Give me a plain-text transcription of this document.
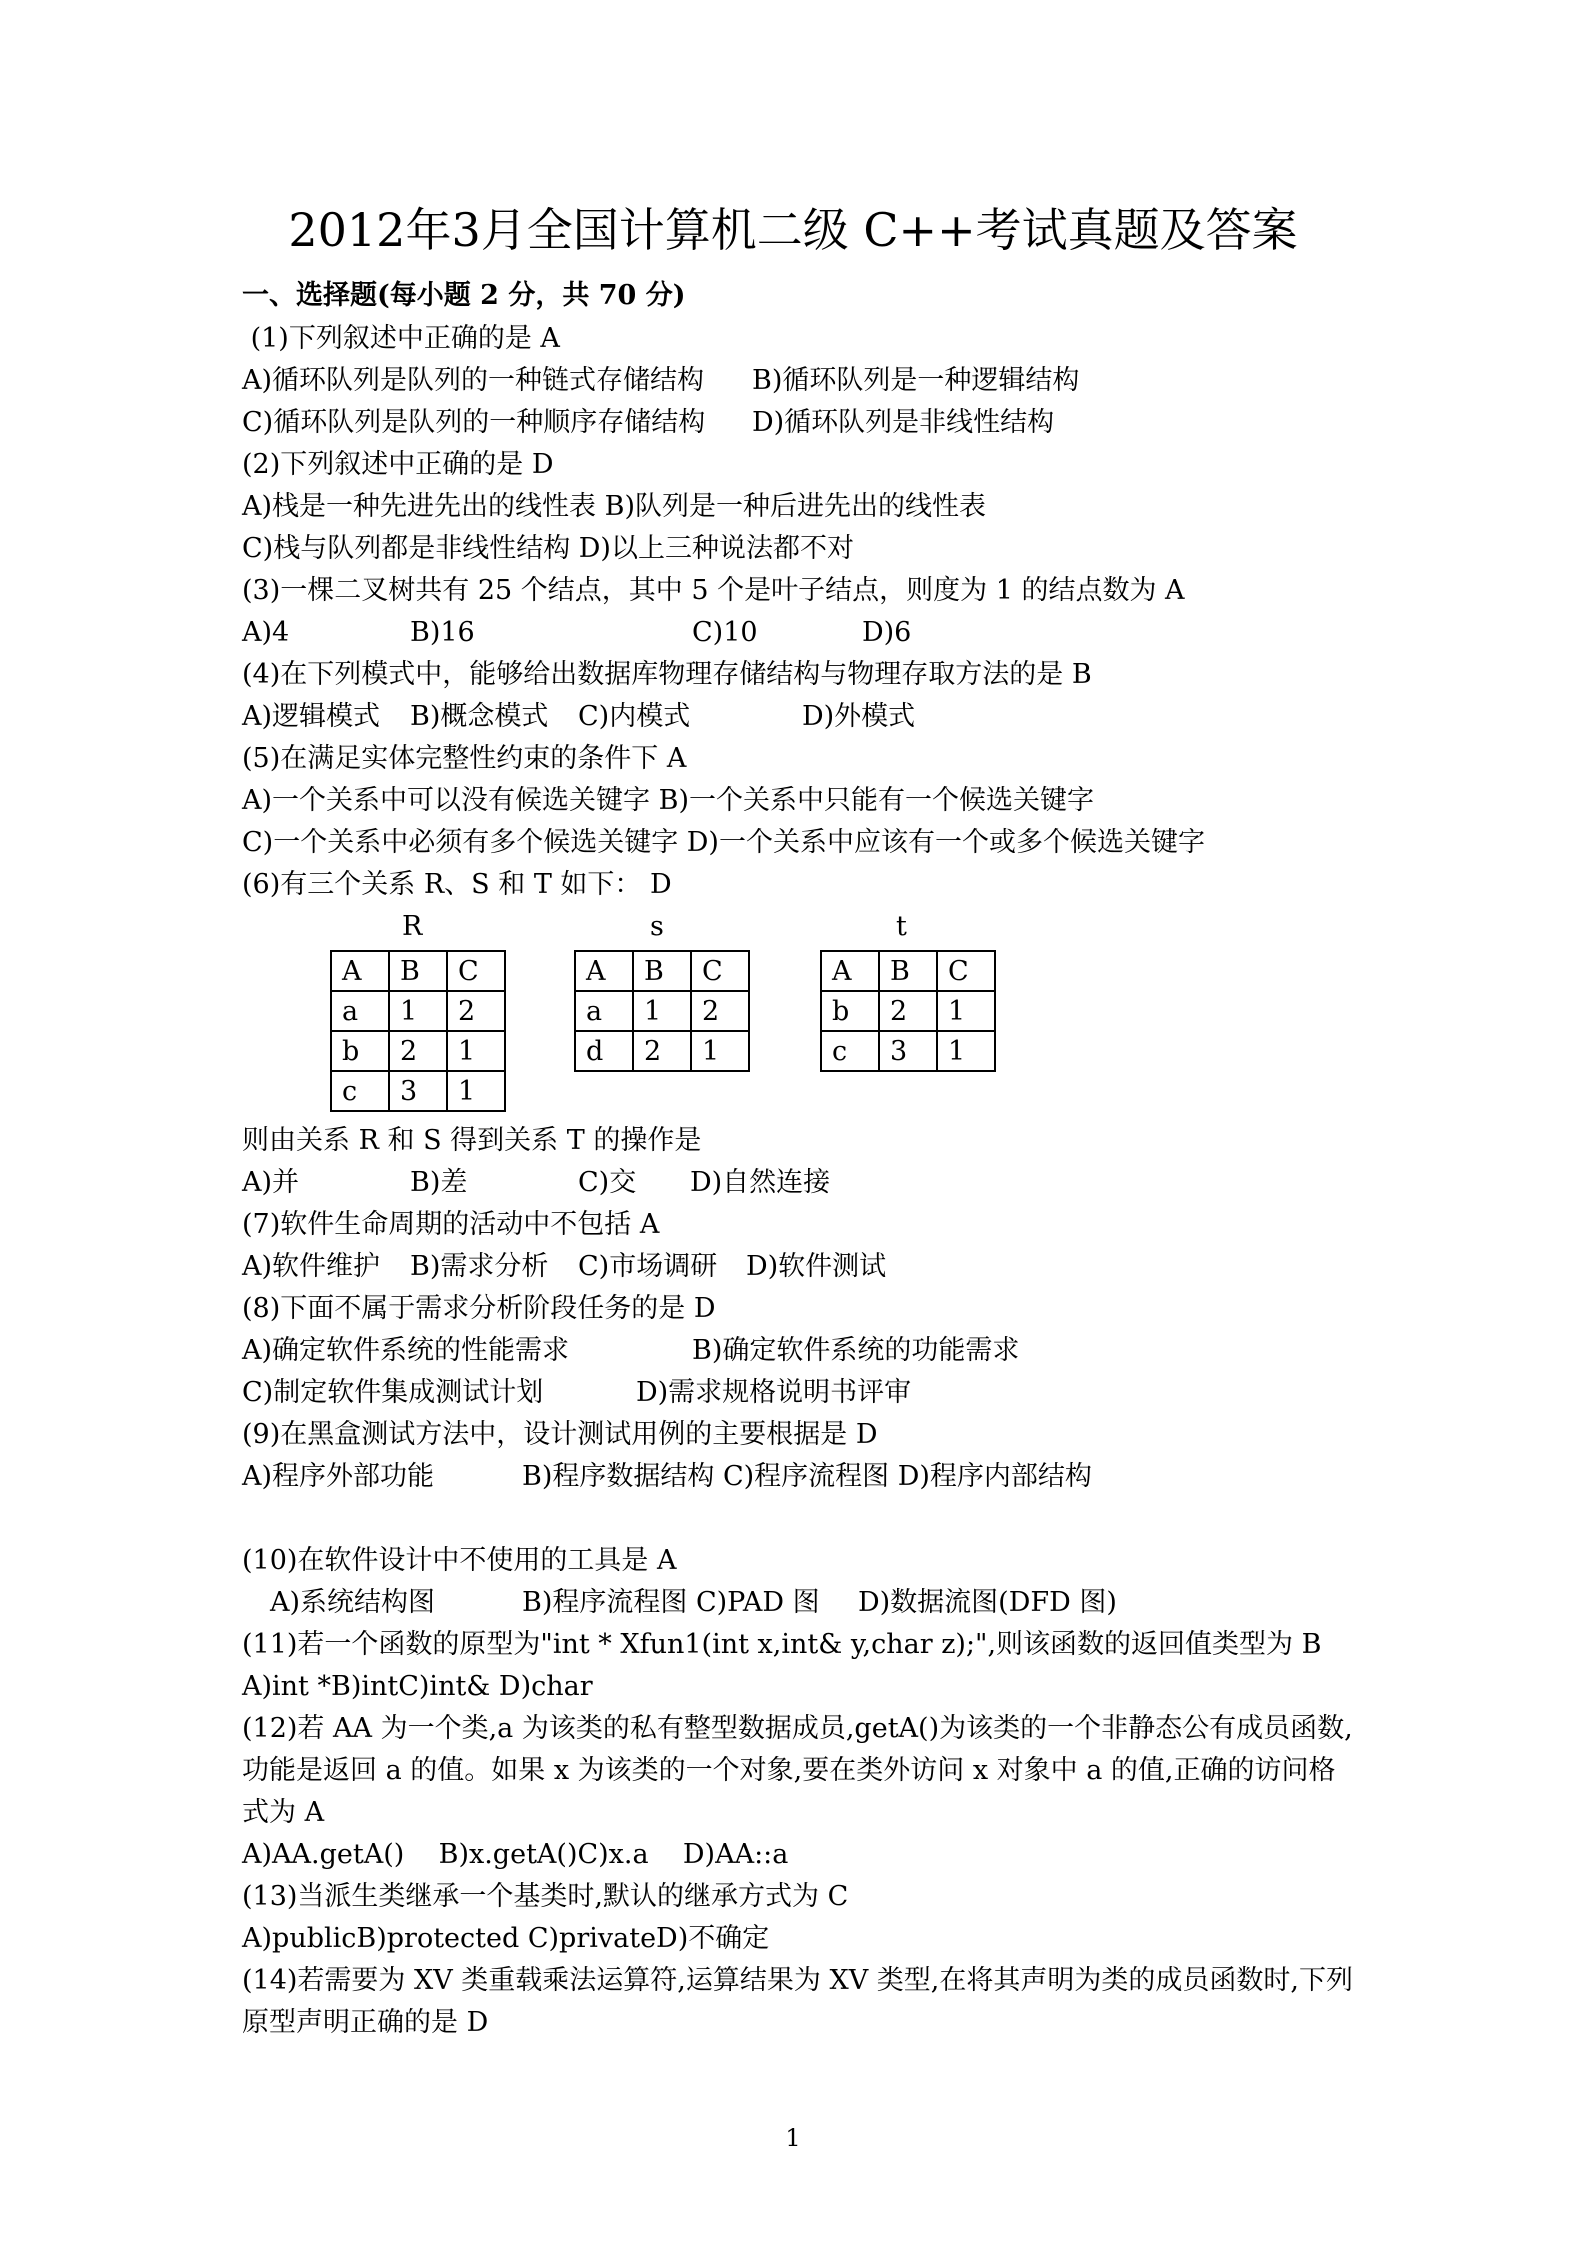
2012年3月全国计算机二级 C++考试真题及答案
一、选择题(每小题 2 分，共 70 分)
(1)下列叙述中正确的是 A
A)循环队列是队列的一种链式存储结构 B)循环队列是一种逻辑结构
C)循环队列是队列的一种顺序存储结构 D)循环队列是非线性结构
(2)下列叙述中正确的是 D
A)栈是一种先进先出的线性表 B)队列是一种后进先出的线性表
C)栈与队列都是非线性结构 D)以上三种说法都不对
(3)一棵二叉树共有 25 个结点，其中 5 个是叶子结点，则度为 1 的结点数为 A
A)4	B)16	C)10	D)6
(4)在下列模式中，能够给出数据库物理存储结构与物理存取方法的是 B
A)逻辑模式 B)概念模式 C)内模式	D)外模式
(5)在满足实体完整性约束的条件下 A
A)一个关系中可以没有候选关键字 B)一个关系中只能有一个候选关键字
C)一个关系中必须有多个候选关键字 D)一个关系中应该有一个或多个候选关键字
(6)有三个关系 R、S 和 T 如下： D
R	s	t
A	B	C
a	1	2
b	2	1
c	3	1
A	B	C
a	1	2
d	2	1
A	B	C
b	2	1
c	3	1
则由关系 R 和 S 得到关系 T 的操作是
A)并	B)差	C)交 D)自然连接
(7)软件生命周期的活动中不包括 A
A)软件维护 B)需求分析 C)市场调研 D)软件测试
(8)下面不属于需求分析阶段任务的是 D
A)确定软件系统的性能需求	B)确定软件系统的功能需求
C)制定软件集成测试计划	D)需求规格说明书评审
(9)在黑盒测试方法中，设计测试用例的主要根据是 D
A)程序外部功能	B)程序数据结构 C)程序流程图 D)程序内部结构
(10)在软件设计中不使用的工具是 A
A)系统结构图	B)程序流程图 C)PAD 图 D)数据流图(DFD 图)
(11)若一个函数的原型为"int * Xfun1(int x,int& y,char z);",则该函数的返回值类型为 B
A)int *B)intC)int& D)char
(12)若 AA 为一个类,a 为该类的私有整型数据成员,getA()为该类的一个非静态公有成员函数,
功能是返回 a 的值。如果 x 为该类的一个对象,要在类外访问 x 对象中 a 的值,正确的访问格
式为 A
A)AA.getA()    B)x.getA()C)x.a    D)AA::a
(13)当派生类继承一个基类时,默认的继承方式为 C
A)publicB)protected C)privateD)不确定
(14)若需要为 XV 类重载乘法运算符,运算结果为 XV 类型,在将其声明为类的成员函数时,下列
原型声明正确的是 D
1
